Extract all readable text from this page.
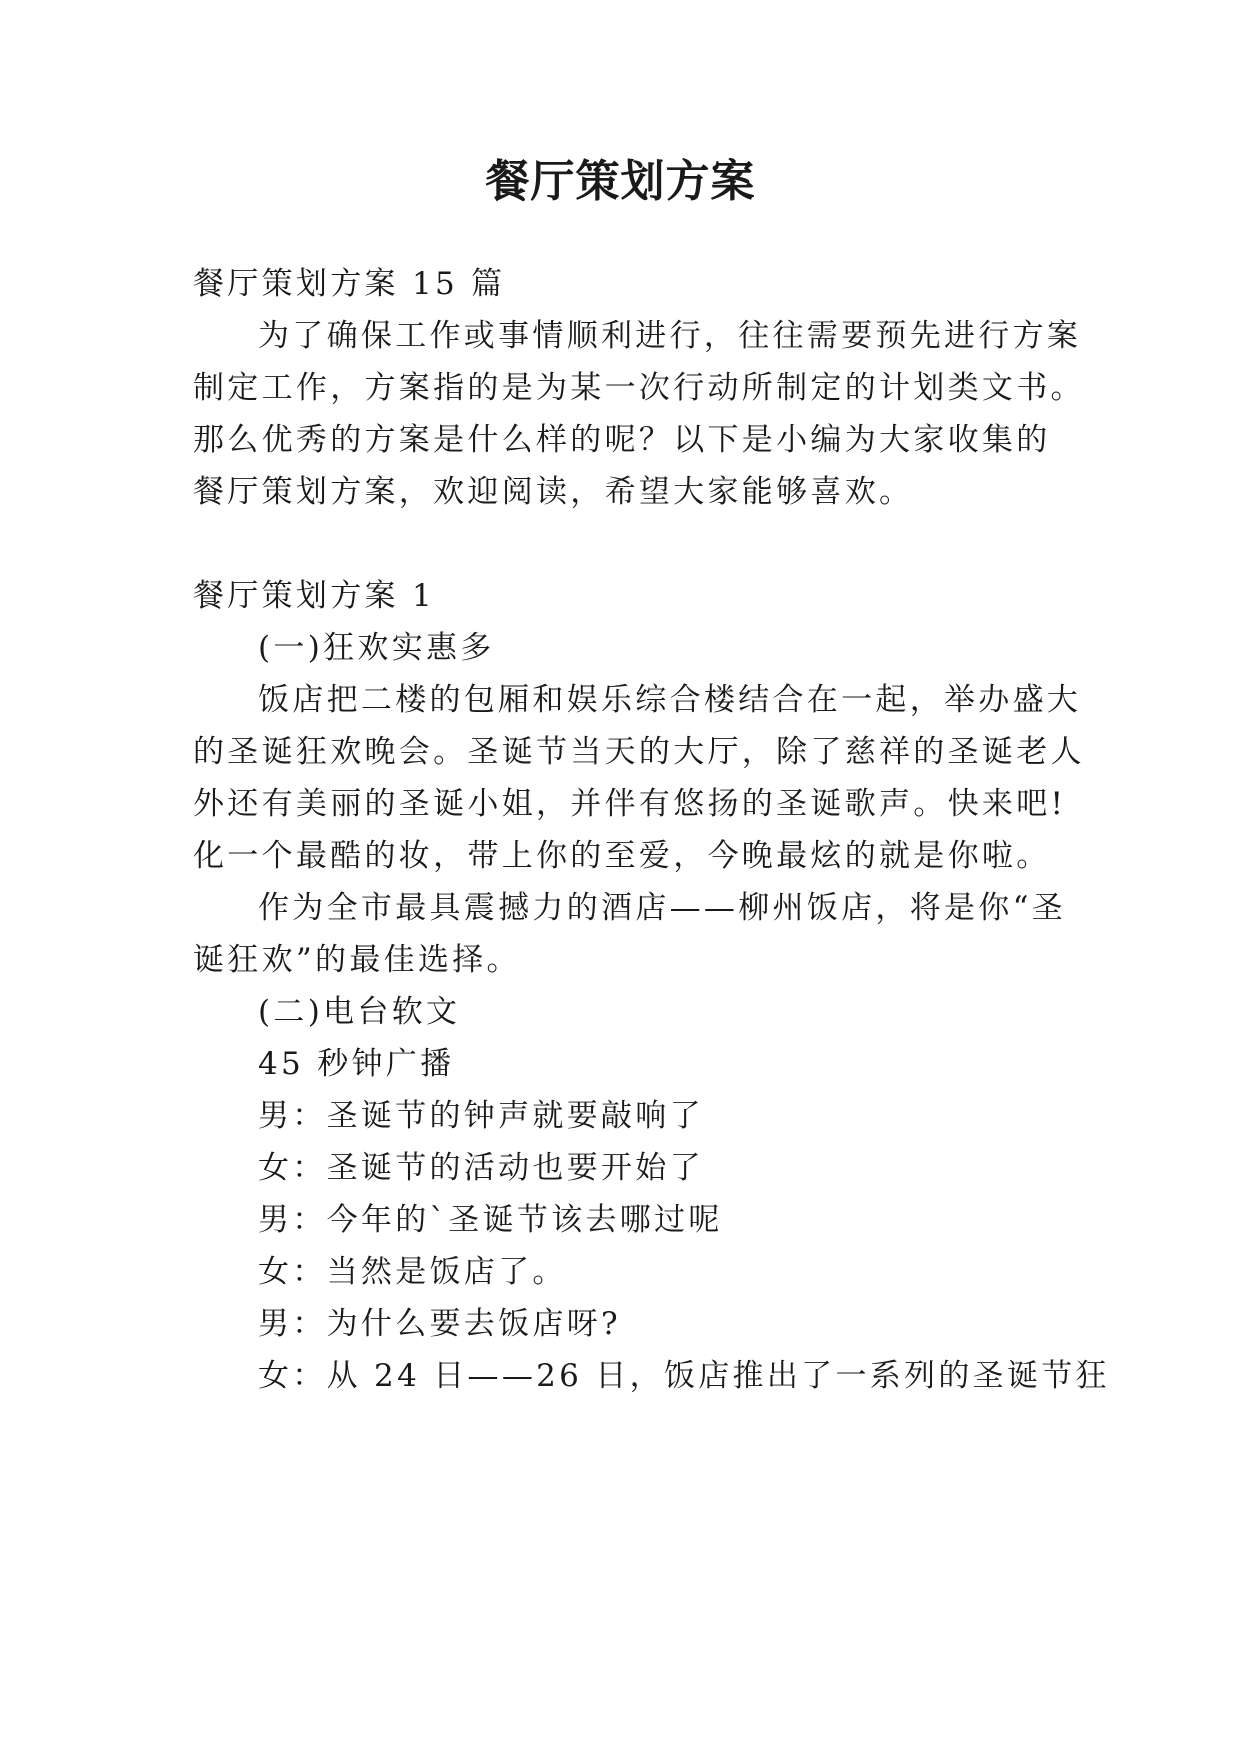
餐厅策划方案
餐厅策划方案 15 篇
为了确保工作或事情顺利进行，往往需要预先进行方案
制定工作，方案指的是为某一次行动所制定的计划类文书。
那么优秀的方案是什么样的呢？以下是小编为大家收集的
餐厅策划方案，欢迎阅读，希望大家能够喜欢。
餐厅策划方案 1
(一)狂欢实惠多
饭店把二楼的包厢和娱乐综合楼结合在一起，举办盛大
的圣诞狂欢晚会。圣诞节当天的大厅，除了慈祥的圣诞老人
外还有美丽的圣诞小姐，并伴有悠扬的圣诞歌声。快来吧!
化一个最酷的妆，带上你的至爱，今晚最炫的就是你啦。
作为全市最具震撼力的酒店——柳州饭店，将是你“圣
诞狂欢”的最佳选择。
(二)电台软文
45 秒钟广播
男：圣诞节的钟声就要敲响了
女：圣诞节的活动也要开始了
男：今年的`圣诞节该去哪过呢
女：当然是饭店了。
男：为什么要去饭店呀?
女：从 24 日——26 日，饭店推出了一系列的圣诞节狂
